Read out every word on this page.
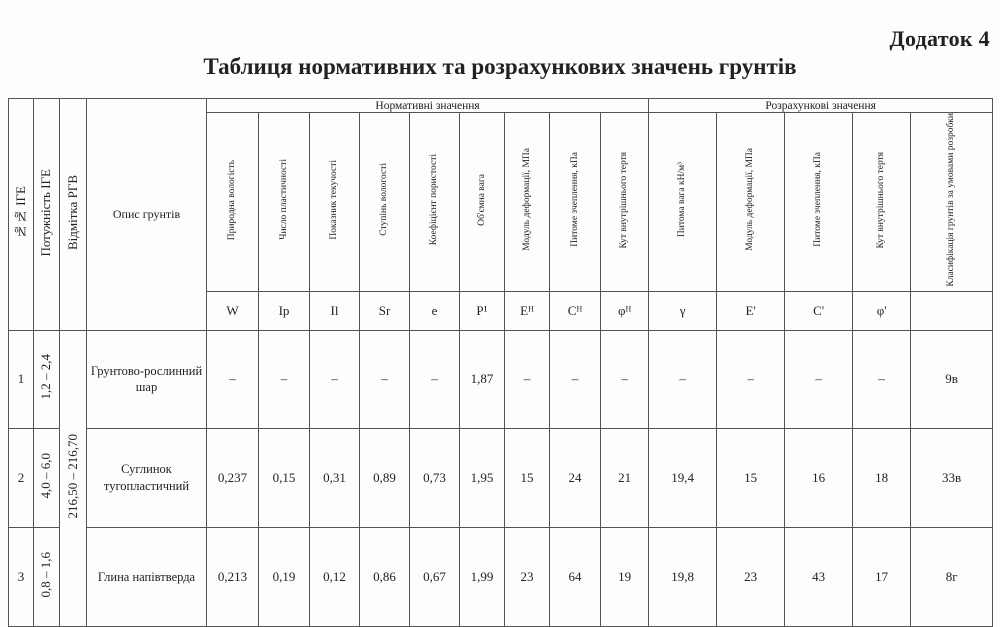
Додаток 4
Таблиця нормативних та розрахункових значень грунтів
№№ ІГЕ	Потужність ІГЕ	Відмітка РГВ	Опис грунтів	Нормативні значення									Розрахункові значення				
				Природна вологість	Число пластичності	Показник текучості	Ступінь вологості	Коефіцієнт пористості	Об'ємна вага	Модуль деформації, МПа	Питоме зчеплення, кПа	Кут внутрішнього тертя	Питома вага кН/м³	Модуль деформації, МПа	Питоме зчеплення, кПа	Кут внутрішнього тертя	Класифікація грунтів за умовами розробки
				W	Ip	Il	Sr	e	P¹	Eᴴ	Cᴴ	φᴴ	γ	E'	C'	φ'	
1	1,2 – 2,4	216,50 – 216,70	Грунтово-рослинний шар	–	–	–	–	–	1,87	–	–	–	–	–	–	–	9в
2	4,0 – 6,0		Суглинок тугопластичний	0,237	0,15	0,31	0,89	0,73	1,95	15	24	21	19,4	15	16	18	33в
3	0,8 – 1,6		Глина напівтверда	0,213	0,19	0,12	0,86	0,67	1,99	23	64	19	19,8	23	43	17	8г
